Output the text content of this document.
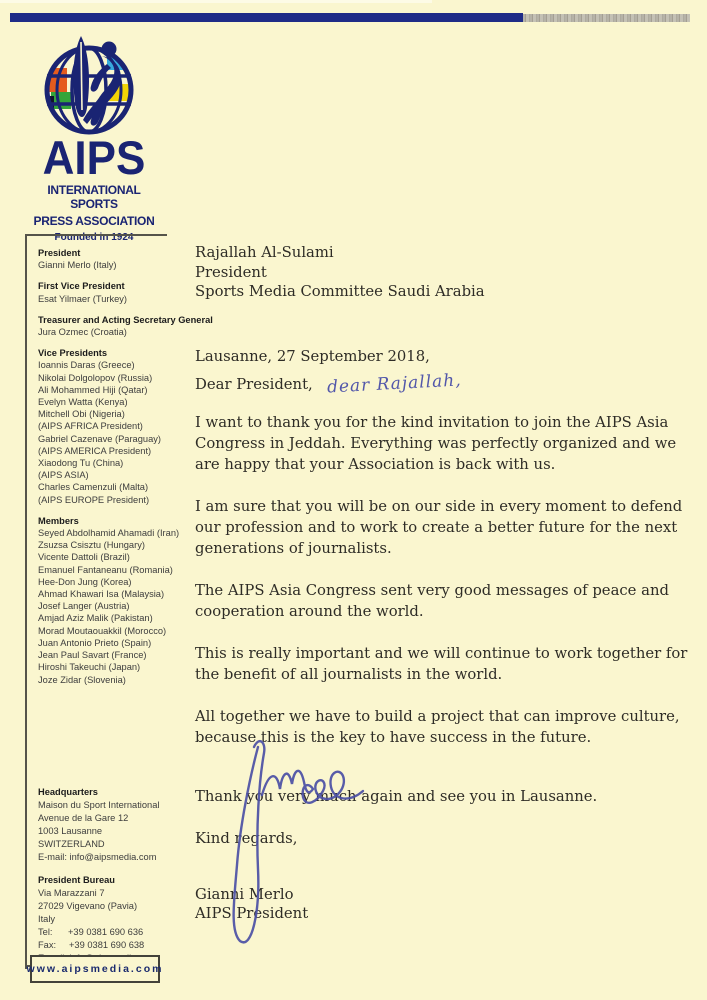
AIPS
INTERNATIONAL SPORTS
PRESS ASSOCIATION
Founded in 1924
President
Gianni Merlo (Italy)
First Vice President
Esat Yilmaer (Turkey)
Treasurer and Acting Secretary General
Jura Ozmec (Croatia)
Vice Presidents
Ioannis Daras (Greece)
Nikolai Dolgolopov (Russia)
Ali Mohammed Hiji (Qatar)
Evelyn Watta (Kenya)
Mitchell Obi (Nigeria)
(AIPS AFRICA President)
Gabriel Cazenave (Paraguay)
(AIPS AMERICA President)
Xiaodong Tu (China)
(AIPS ASIA)
Charles Camenzuli (Malta)
(AIPS EUROPE President)
Members
Seyed Abdolhamid Ahamadi (Iran)
Zsuzsa Csisztu (Hungary)
Vicente Dattoli (Brazil)
Emanuel Fantaneanu (Romania)
Hee-Don Jung (Korea)
Ahmad Khawari Isa (Malaysia)
Josef Langer (Austria)
Amjad Aziz Malik (Pakistan)
Morad Moutaouakkil (Morocco)
Juan Antonio Prieto (Spain)
Jean Paul Savart (France)
Hiroshi Takeuchi (Japan)
Joze Zidar (Slovenia)
Headquarters
Maison du Sport International
Avenue de la Gare 12
1003 Lausanne
SWITZERLAND
E-mail: info@aipsmedia.com
President Bureau
Via Marazzani 7
27029 Vigevano (Pavia)
Italy
Tel:      +39 0381 690 636
Fax:     +39 0381 690 638
www.aipsmedia.com
Rajallah Al-Sulami
President
Sports Media Committee Saudi Arabia
Lausanne, 27 September 2018,
Dear President, dear Rajallah,

I want to thank you for the kind invitation to join the AIPS Asia Congress in Jeddah. Everything was perfectly organized and we are happy that your Association is back with us.

I am sure that you will be on our side in every moment to defend our profession and to work to create a better future for the next generations of journalists.

The AIPS Asia Congress sent very good messages of peace and cooperation around the world.

This is really important and we will continue to work together for the benefit of all journalists in the world.

All together we have to build a project that can improve culture, because this is the key to have success in the future.

Thank you very much again and see you in Lausanne.

Kind regards,
Gianni Merlo
AIPS President
